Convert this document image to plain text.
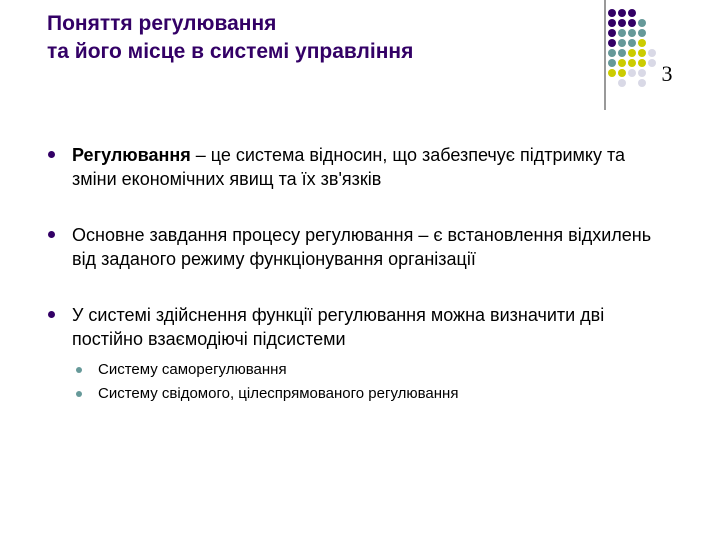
Поняття регулювання
та його місце в системі управління
3
Регулювання – це система відносин, що забезпечує підтримку та зміни економічних явищ та їх зв'язків
Основне завдання процесу регулювання – є встановлення відхилень від заданого режиму функціонування організації
У системі здійснення функції регулювання можна визначити дві постійно взаємодіючі підсистеми
Систему саморегулювання
Систему свідомого, цілеспрямованого регулювання
